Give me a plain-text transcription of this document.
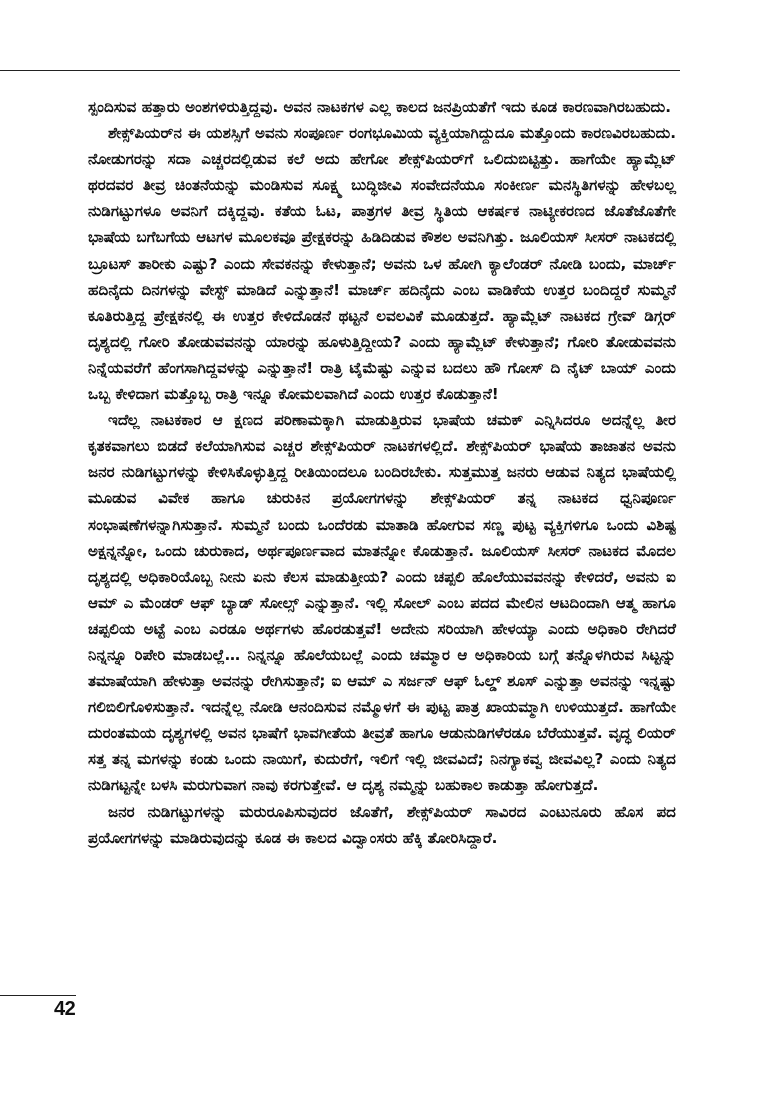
ಸ್ಪಂದಿಸುವ ಹತ್ತಾರು ಅಂಶಗಳಿರುತ್ತಿದ್ದವು. ಅವನ ನಾಟಕಗಳ ಎಲ್ಲ ಕಾಲದ ಜನಪ್ರಿಯತೆಗೆ ಇದು ಕೂಡ ಕಾರಣವಾಗಿರಬಹುದು.

ಶೇಕ್ಸ್‌ಪಿಯರ್‌ನ ಈ ಯಶಸ್ಸಿಗೆ ಅವನು ಸಂಪೂರ್ಣ ರಂಗಭೂಮಿಯ ವ್ಯಕ್ತಿಯಾಗಿದ್ದುದೂ ಮತ್ತೊಂದು ಕಾರಣವಿರಬಹುದು. ನೋಡುಗರನ್ನು ಸದಾ ಎಚ್ಚರದಲ್ಲಿಡುವ ಕಲೆ ಅದು ಹೇಗೋ ಶೇಕ್ಸ್‌ಪಿಯರ್‌ಗೆ ಒಲಿದುಬಿಟ್ಟಿತ್ತು. ಹಾಗೆಯೇ ಹ್ಯಾಮ್ಲೆಟ್ ಥರದವರ ತೀವ್ರ ಚಿಂತನೆಯನ್ನು ಮಂಡಿಸುವ ಸೂಕ್ಷ್ಮ ಬುದ್ಧಿಜೀವಿ ಸಂವೇದನೆಯೂ ಸಂಕೀರ್ಣ ಮನಸ್ಥಿತಿಗಳನ್ನು ಹೇಳಬಲ್ಲ ನುಡಿಗಟ್ಟುಗಳೂ ಅವನಿಗೆ ದಕ್ಕಿದ್ದವು. ಕತೆಯ ಓಟ, ಪಾತ್ರಗಳ ತೀವ್ರ ಸ್ಥಿತಿಯ ಆಕರ್ಷಕ ನಾಟ್ಯೀಕರಣದ ಜೊತೆಜೊತೆಗೇ ಭಾಷೆಯ ಬಗೆಬಗೆಯ ಆಟಗಳ ಮೂಲಕವೂ ಪ್ರೇಕ್ಷಕರನ್ನು ಹಿಡಿದಿಡುವ ಕೌಶಲ ಅವನಿಗಿತ್ತು. ಜೂಲಿಯಸ್ ಸೀಸರ್ ನಾಟಕದಲ್ಲಿ ಬ್ರೂಟಸ್ ತಾರೀಕು ಎಷ್ಟು? ಎಂದು ಸೇವಕನನ್ನು ಕೇಳುತ್ತಾನೆ; ಅವನು ಒಳ ಹೋಗಿ ಕ್ಯಾಲೆಂಡರ್ ನೋಡಿ ಬಂದು, ಮಾರ್ಚ್ ಹದಿನೈದು ದಿನಗಳನ್ನು ವೇಸ್ಟ್ ಮಾಡಿದೆ ಎನ್ನುತ್ತಾನೆ! ಮಾರ್ಚ್ ಹದಿನೈದು ಎಂಬ ವಾಡಿಕೆಯ ಉತ್ತರ ಬಂದಿದ್ದರೆ ಸುಮ್ಮನೆ ಕೂತಿರುತ್ತಿದ್ದ ಪ್ರೇಕ್ಷಕನಲ್ಲಿ ಈ ಉತ್ತರ ಕೇಳಿದೊಡನೆ ಥಟ್ಟನೆ ಲವಲವಿಕೆ ಮೂಡುತ್ತದೆ. ಹ್ಯಾಮ್ಲೆಟ್ ನಾಟಕದ ಗ್ರೇವ್ ಡಿಗ್ಗರ್ ದೃಶ್ಯದಲ್ಲಿ ಗೋರಿ ತೋಡುವವನನ್ನು ಯಾರನ್ನು ಹೂಳುತ್ತಿದ್ದೀಯ? ಎಂದು ಹ್ಯಾಮ್ಲೆಟ್ ಕೇಳುತ್ತಾನೆ; ಗೋರಿ ತೋಡುವವನು ನಿನ್ನೆಯವರೆಗೆ ಹೆಂಗಸಾಗಿದ್ದವಳನ್ನು ಎನ್ನುತ್ತಾನೆ! ರಾತ್ರಿ ಟೈಮೆಷ್ಟು ಎನ್ನುವ ಬದಲು ಹೌ ಗೋಸ್ ದಿ ನೈಟ್ ಬಾಯ್ ಎಂದು ಒಬ್ಬ ಕೇಳಿದಾಗ ಮತ್ತೊಬ್ಬ ರಾತ್ರಿ ಇನ್ನೂ ಕೋಮಲವಾಗಿದೆ ಎಂದು ಉತ್ತರ ಕೊಡುತ್ತಾನೆ!

ಇದೆಲ್ಲ ನಾಟಕಕಾರ ಆ ಕ್ಷಣದ ಪರಿಣಾಮಕ್ಕಾಗಿ ಮಾಡುತ್ತಿರುವ ಭಾಷೆಯ ಚಮಕ್ ಎನ್ನಿಸಿದರೂ ಅದನ್ನೆಲ್ಲ ತೀರ ಕೃತಕವಾಗಲು ಬಿಡದೆ ಕಲೆಯಾಗಿಸುವ ಎಚ್ಚರ ಶೇಕ್ಸ್‌ಪಿಯರ್ ನಾಟಕಗಳಲ್ಲಿದೆ. ಶೇಕ್ಸ್‌ಪಿಯರ್ ಭಾಷೆಯ ತಾಜಾತನ ಅವನು ಜನರ ನುಡಿಗಟ್ಟುಗಳನ್ನು ಕೇಳಿಸಿಕೊಳ್ಳುತ್ತಿದ್ದ ರೀತಿಯಿಂದಲೂ ಬಂದಿರಬೇಕು. ಸುತ್ತಮುತ್ತ ಜನರು ಆಡುವ ನಿತ್ಯದ ಭಾಷೆಯಲ್ಲಿ ಮೂಡುವ ವಿವೇಕ ಹಾಗೂ ಚುರುಕಿನ ಪ್ರಯೋಗಗಳನ್ನು ಶೇಕ್ಸ್‌ಪಿಯರ್ ತನ್ನ ನಾಟಕದ ಧ್ವನಿಪೂರ್ಣ ಸಂಭಾಷಣೆಗಳನ್ನಾಗಿಸುತ್ತಾನೆ. ಸುಮ್ಮನೆ ಬಂದು ಒಂದೆರಡು ಮಾತಾಡಿ ಹೋಗುವ ಸಣ್ಣ ಪುಟ್ಟ ವ್ಯಕ್ತಿಗಳಿಗೂ ಒಂದು ವಿಶಿಷ್ಟ ಅಕ್ಷನ್ನನ್ನೋ, ಒಂದು ಚುರುಕಾದ, ಅರ್ಥಪೂರ್ಣವಾದ ಮಾತನ್ನೋ ಕೊಡುತ್ತಾನೆ. ಜೂಲಿಯಸ್ ಸೀಸರ್ ನಾಟಕದ ಮೊದಲ ದೃಶ್ಯದಲ್ಲಿ ಅಧಿಕಾರಿಯೊಬ್ಬ ನೀನು ಏನು ಕೆಲಸ ಮಾಡುತ್ತೀಯ? ಎಂದು ಚಪ್ಪಲಿ ಹೊಲೆಯುವವನನ್ನು ಕೇಳಿದರೆ, ಅವನು ಐ ಆಮ್ ಎ ಮೆಂಡರ್ ಆಫ್ ಬ್ಯಾಡ್ ಸೋಲ್ಸ್ ಎನ್ನುತ್ತಾನೆ. ಇಲ್ಲಿ ಸೋಲ್ ಎಂಬ ಪದದ ಮೇಲಿನ ಆಟದಿಂದಾಗಿ ಆತ್ಮ ಹಾಗೂ ಚಪ್ಪಲಿಯ ಅಟ್ಟೆ ಎಂಬ ಎರಡೂ ಅರ್ಥಗಳು ಹೊರಡುತ್ತವೆ! ಅದೇನು ಸರಿಯಾಗಿ ಹೇಳಯ್ಯಾ ಎಂದು ಅಧಿಕಾರಿ ರೇಗಿದರೆ ನಿನ್ನನ್ನೂ ರಿಪೇರಿ ಮಾಡಬಲ್ಲೆ… ನಿನ್ನನ್ನೂ ಹೊಲೆಯಬಲ್ಲೆ ಎಂದು ಚಮ್ಮಾರ ಆ ಅಧಿಕಾರಿಯ ಬಗ್ಗೆ ತನ್ನೊಳಗಿರುವ ಸಿಟ್ಟನ್ನು ತಮಾಷೆಯಾಗಿ ಹೇಳುತ್ತಾ ಅವನನ್ನು ರೇಗಿಸುತ್ತಾನೆ; ಐ ಆಮ್ ಎ ಸರ್ಜನ್ ಆಫ್ ಓಲ್ಡ್ ಶೂಸ್ ಎನ್ನುತ್ತಾ ಅವನನ್ನು ಇನ್ನಷ್ಟು ಗಲಿಬಿಲಿಗೊಳಿಸುತ್ತಾನೆ. ಇದನ್ನೆಲ್ಲ ನೋಡಿ ಆನಂದಿಸುವ ನಮ್ಮೊಳಗೆ ಈ ಪುಟ್ಟ ಪಾತ್ರ ಖಾಯಮ್ಮಾಗಿ ಉಳಿಯುತ್ತದೆ. ಹಾಗೆಯೇ ದುರಂತಮಯ ದೃಶ್ಯಗಳಲ್ಲಿ ಅವನ ಭಾಷೆಗೆ ಭಾವಗೀತೆಯ ತೀವ್ರತೆ ಹಾಗೂ ಆಡುನುಡಿಗಳೆರಡೂ ಬೆರೆಯುತ್ತವೆ. ವೃದ್ಧ ಲಿಯರ್ ಸತ್ತ ತನ್ನ ಮಗಳನ್ನು ಕಂಡು ಒಂದು ನಾಯಿಗೆ, ಕುದುರೆಗೆ, ಇಲಿಗೆ ಇಲ್ಲಿ ಜೀವವಿದೆ; ನಿನಗ್ಯಾಕವ್ವ ಜೀವವಿಲ್ಲ? ಎಂದು ನಿತ್ಯದ ನುಡಿಗಟ್ಟನ್ನೇ ಬಳಸಿ ಮರುಗುವಾಗ ನಾವು ಕರಗುತ್ತೇವೆ. ಆ ದೃಶ್ಯ ನಮ್ಮನ್ನು ಬಹುಕಾಲ ಕಾಡುತ್ತಾ ಹೋಗುತ್ತದೆ.

ಜನರ ನುಡಿಗಟ್ಟುಗಳನ್ನು ಮರುರೂಪಿಸುವುದರ ಜೊತೆಗೆ, ಶೇಕ್ಸ್‌ಪಿಯರ್ ಸಾವಿರದ ಎಂಟುನೂರು ಹೊಸ ಪದ ಪ್ರಯೋಗಗಳನ್ನು ಮಾಡಿರುವುದನ್ನು ಕೂಡ ಈ ಕಾಲದ ವಿದ್ವಾಂಸರು ಹೆಕ್ಕಿ ತೋರಿಸಿದ್ದಾರೆ.

42
